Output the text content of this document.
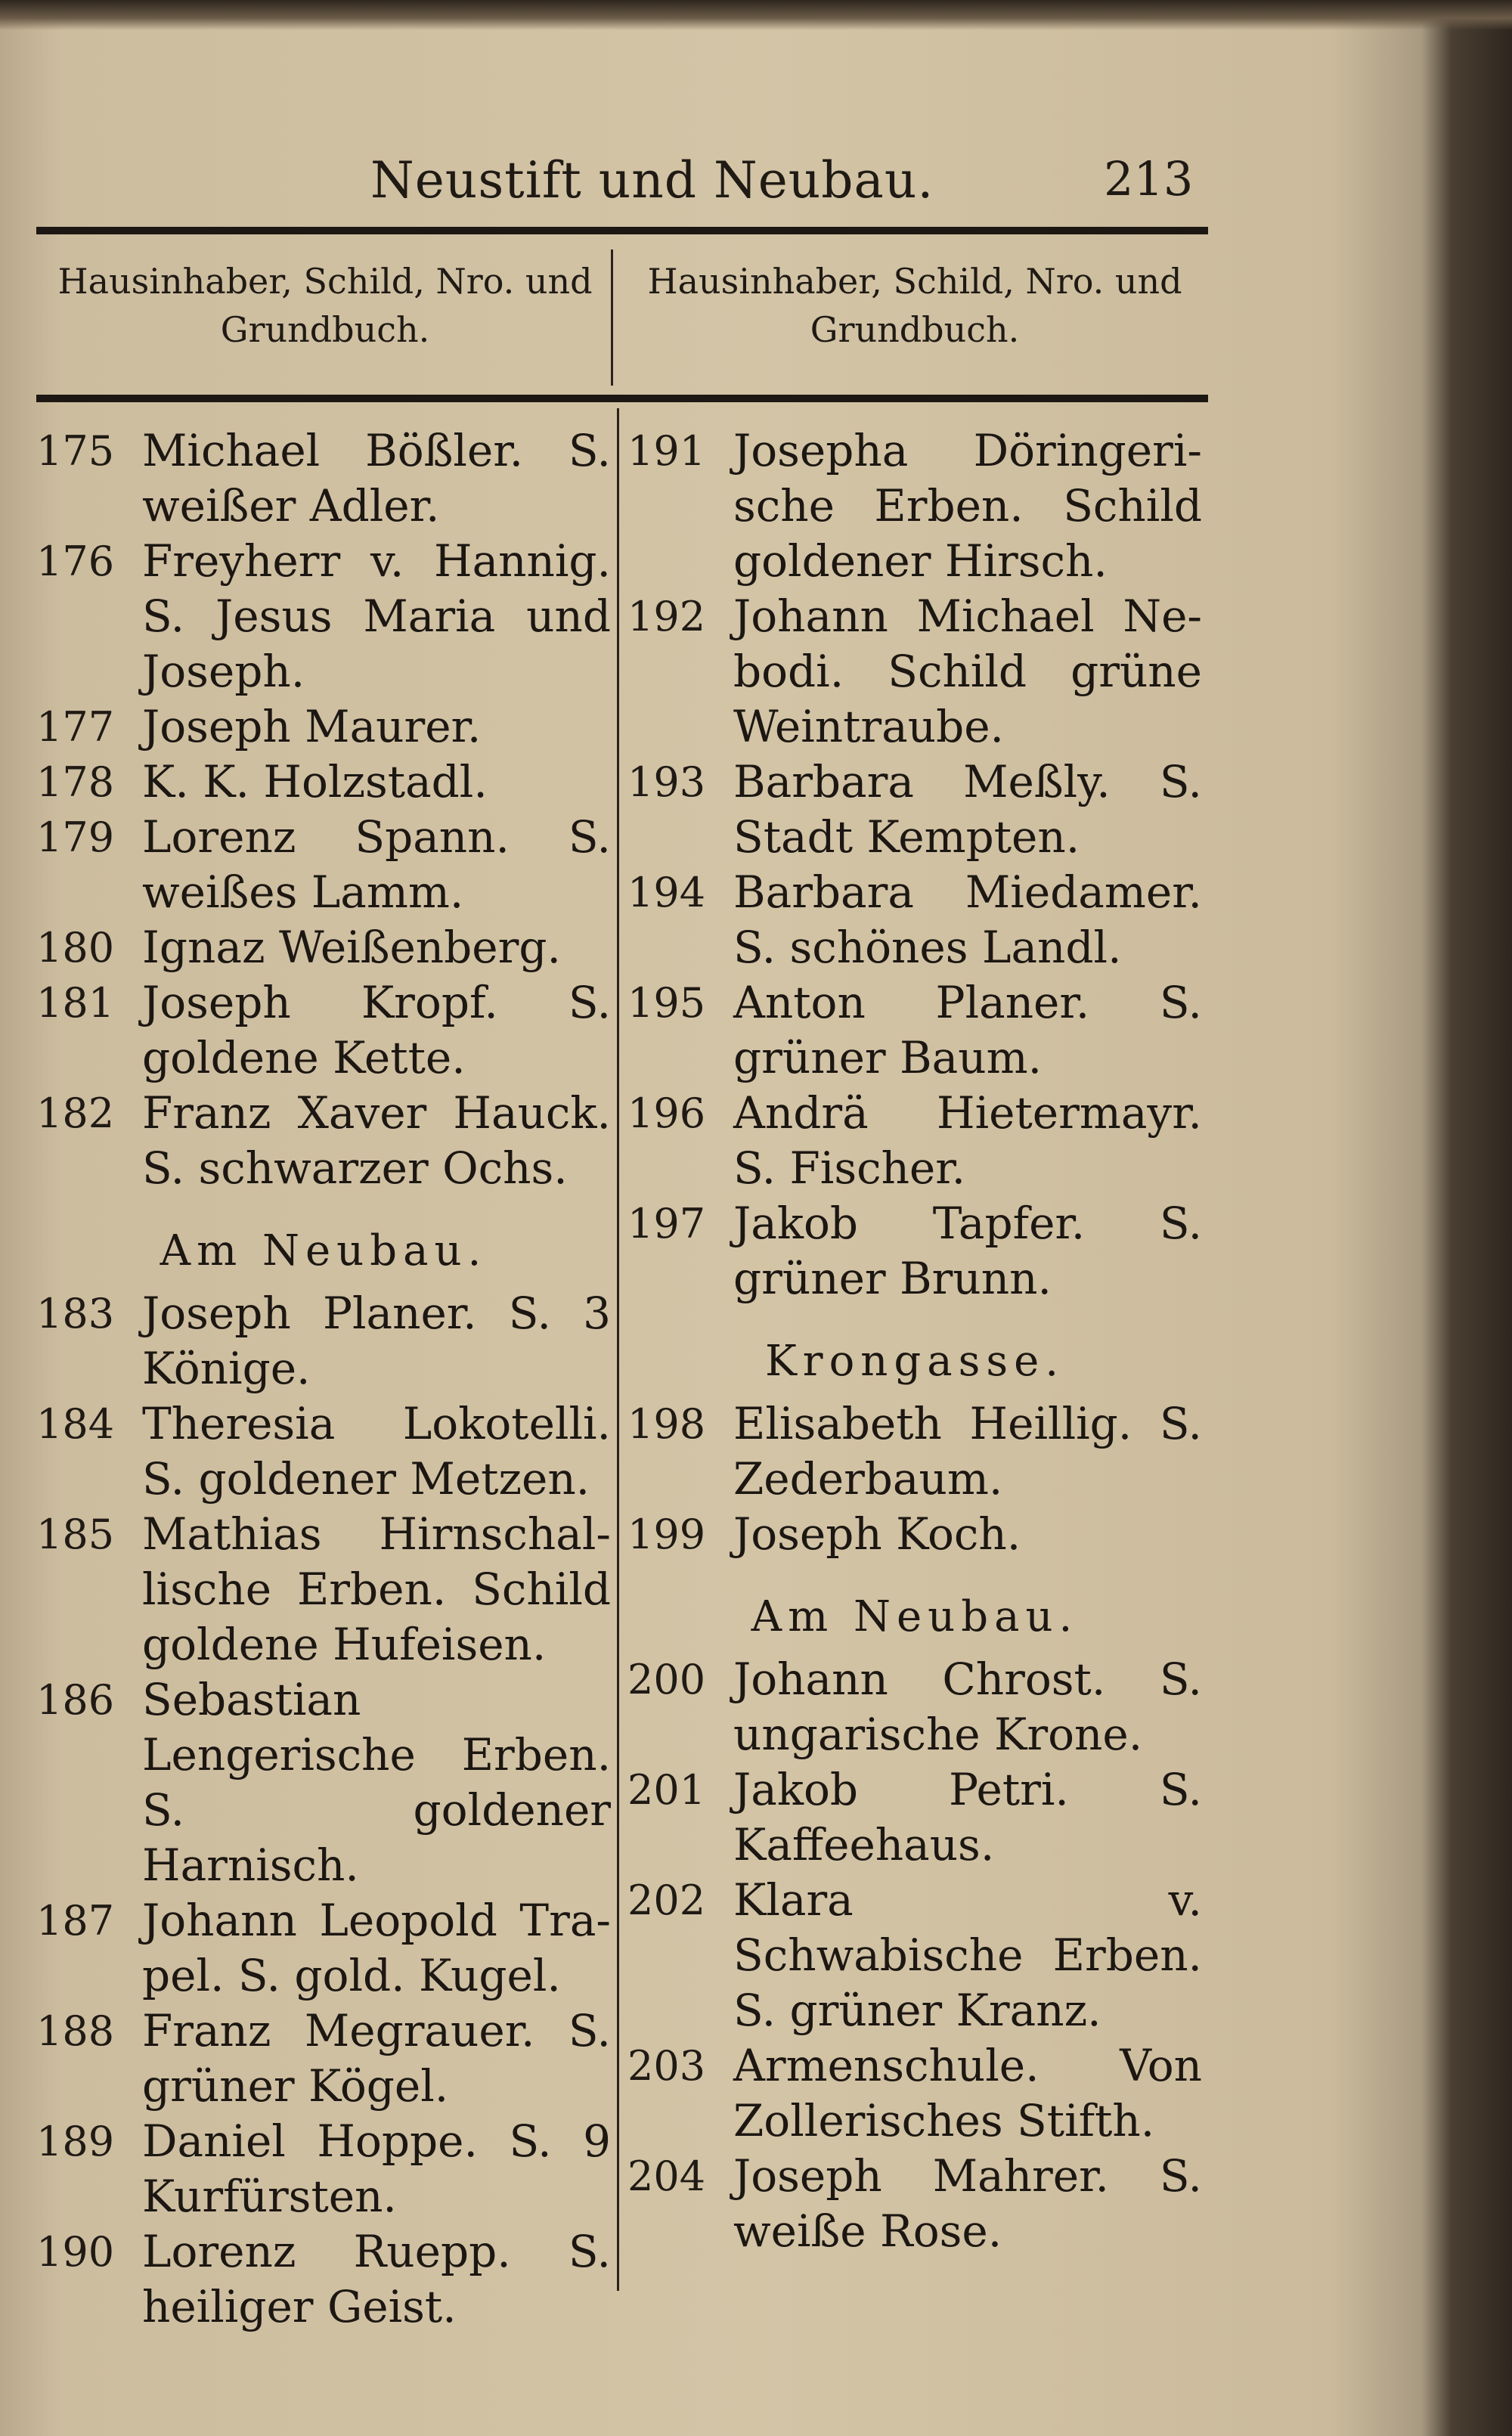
Neustift und Neubau.	213
Hausinhaber, Schild, Nro. und Grundbuch.
Hausinhaber, Schild, Nro. und Grundbuch.
175 Michael Bößler. S. weißer Adler.
176 Freyherr v. Hannig. S. Jesus Maria und Joseph.
177 Joseph Maurer.
178 K. K. Holzstadl.
179 Lorenz Spann. S. weißes Lamm.
180 Ignaz Weißenberg.
181 Joseph Kropf. S. goldene Kette.
182 Franz Xaver Hauck. S. schwarzer Ochs.
Am Neubau.
183 Joseph Planer. S. 3 Könige.
184 Theresia Lokotelli. S. goldener Metzen.
185 Mathias Hirnschal- lische Erben. Schild goldene Hufeisen.
186 Sebastian Lengerische Erben. S. goldener Harnisch.
187 Johann Leopold Tra- pel. S. gold. Kugel.
188 Franz Megrauer. S. grüner Kögel.
189 Daniel Hoppe. S. 9 Kurfürsten.
190 Lorenz Ruepp. S. heiliger Geist.
191 Josepha Döringeri- sche Erben. Schild goldener Hirsch.
192 Johann Michael Ne- bodi. Schild grüne Weintraube.
193 Barbara Meßly. S. Stadt Kempten.
194 Barbara Miedamer. S. schönes Landl.
195 Anton Planer. S. grüner Baum.
196 Andrä Hietermayr. S. Fischer.
197 Jakob Tapfer. S. grüner Brunn.
Krongasse.
198 Elisabeth Heillig. S. Zederbaum.
199 Joseph Koch.
Am Neubau.
200 Johann Chrost. S. ungarische Krone.
201 Jakob Petri. S. Kaffeehaus.
202 Klara v. Schwabische Erben. S. grüner Kranz.
203 Armenschule. Von Zollerisches Stifth.
204 Joseph Mahrer. S. weiße Rose.
